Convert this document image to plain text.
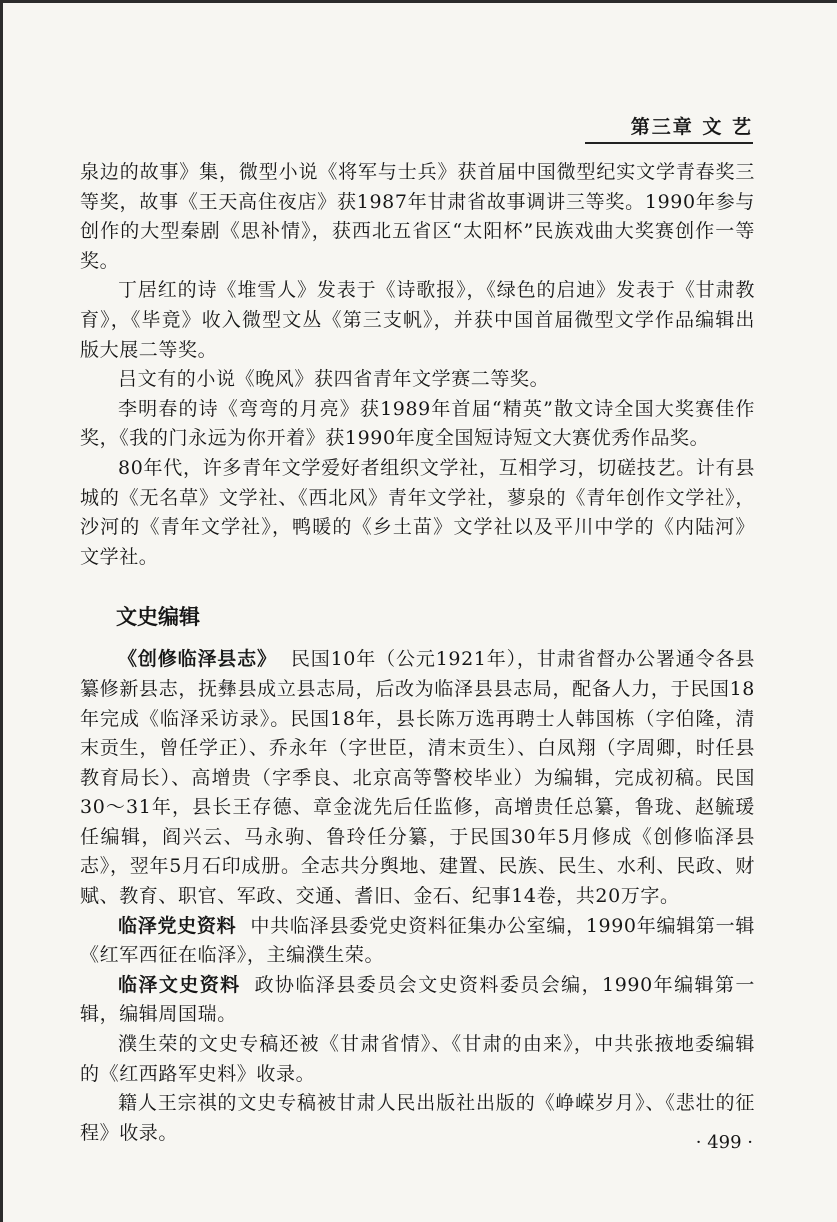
第三章 文 艺

泉边的故事》集，微型小说《将军与士兵》获首届中国微型纪实文学青春奖三等奖，故事《王天高住夜店》获1987年甘肃省故事调讲三等奖。1990年参与创作的大型秦剧《思补情》，获西北五省区“太阳杯”民族戏曲大奖赛创作一等奖。

丁居红的诗《堆雪人》发表于《诗歌报》，《绿色的启迪》发表于《甘肃教育》，《毕竟》收入微型文丛《第三支帆》，并获中国首届微型文学作品编辑出版大展二等奖。

吕文有的小说《晚风》获四省青年文学赛二等奖。

李明春的诗《弯弯的月亮》获1989年首届“精英”散文诗全国大奖赛佳作奖，《我的门永远为你开着》获1990年度全国短诗短文大赛优秀作品奖。

80年代，许多青年文学爱好者组织文学社，互相学习，切磋技艺。计有县城的《无名草》文学社、《西北风》青年文学社，蓼泉的《青年创作文学社》，沙河的《青年文学社》，鸭暖的《乡土苗》文学社以及平川中学的《内陆河》文学社。

文史编辑

《创修临泽县志》 民国10年（公元1921年），甘肃省督办公署通令各县纂修新县志，抚彝县成立县志局，后改为临泽县县志局，配备人力，于民国18年完成《临泽采访录》。民国18年，县长陈万选再聘士人韩国栋（字伯隆，清末贡生，曾任学正）、乔永年（字世臣，清末贡生）、白凤翔（字周卿，时任县教育局长）、高增贵（字季良、北京高等警校毕业）为编辑，完成初稿。民国30～31年，县长王存德、章金泷先后任监修，高增贵任总纂，鲁珑、赵毓瑗任编辑，阎兴云、马永驹、鲁玲任分纂，于民国30年5月修成《创修临泽县志》，翌年5月石印成册。全志共分舆地、建置、民族、民生、水利、民政、财赋、教育、职官、军政、交通、耆旧、金石、纪事14卷，共20万字。

临泽党史资料 中共临泽县委党史资料征集办公室编，1990年编辑第一辑《红军西征在临泽》，主编濮生荣。

临泽文史资料 政协临泽县委员会文史资料委员会编，1990年编辑第一辑，编辑周国瑞。

濮生荣的文史专稿还被《甘肃省情》、《甘肃的由来》，中共张掖地委编辑的《红西路军史料》收录。

籍人王宗祺的文史专稿被甘肃人民出版社出版的《峥嵘岁月》、《悲壮的征程》收录。	· 499 ·
